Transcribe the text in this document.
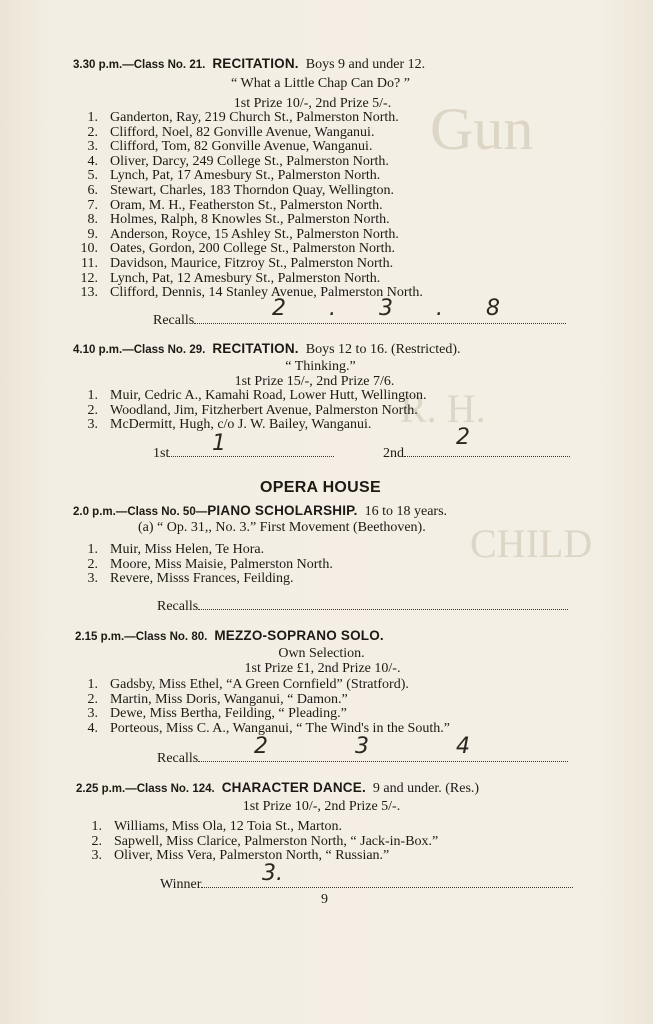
Gun
R. H.
CHILD
3.30 p.m.—Class No. 21. RECITATION. Boys 9 and under 12.
“ What a Little Chap Can Do? ”
1st Prize 10/-, 2nd Prize 5/-.
1. Ganderton, Ray, 219 Church St., Palmerston North.
2. Clifford, Noel, 82 Gonville Avenue, Wanganui.
3. Clifford, Tom, 82 Gonville Avenue, Wanganui.
4. Oliver, Darcy, 249 College St., Palmerston North.
5. Lynch, Pat, 17 Amesbury St., Palmerston North.
6. Stewart, Charles, 183 Thorndon Quay, Wellington.
7. Oram, M. H., Featherston St., Palmerston North.
8. Holmes, Ralph, 8 Knowles St., Palmerston North.
9. Anderson, Royce, 15 Ashley St., Palmerston North.
10. Oates, Gordon, 200 College St., Palmerston North.
11. Davidson, Maurice, Fitzroy St., Palmerston North.
12. Lynch, Pat, 12 Amesbury St., Palmerston North.
13. Clifford, Dennis, 14 Stanley Avenue, Palmerston North.
Recalls	2 . 3 . 8
4.10 p.m.—Class No. 29. RECITATION. Boys 12 to 16. (Restricted).
“ Thinking.”
1st Prize 15/-, 2nd Prize 7/6.
1. Muir, Cedric A., Kamahi Road, Lower Hutt, Wellington.
2. Woodland, Jim, Fitzherbert Avenue, Palmerston North.
3. McDermitt, Hugh, c/o J. W. Bailey, Wanganui.
1st	1	2nd
2
OPERA HOUSE
2.0 p.m.—Class No. 50—PIANO SCHOLARSHIP. 16 to 18 years.
(a) “ Op. 31,, No. 3.” First Movement (Beethoven).
1. Muir, Miss Helen, Te Hora.
2. Moore, Miss Maisie, Palmerston North.
3. Revere, Misss Frances, Feilding.
Recalls
2.15 p.m.—Class No. 80. MEZZO-SOPRANO SOLO.
Own Selection.
1st Prize £1, 2nd Prize 10/-.
1. Gadsby, Miss Ethel, “A Green Cornfield” (Stratford).
2. Martin, Miss Doris, Wanganui, “ Damon.”
3. Dewe, Miss Bertha, Feilding, “ Pleading.”
4. Porteous, Miss C. A., Wanganui, “ The Wind's in the South.”
Recalls	2 3 4
2.25 p.m.—Class No. 124. CHARACTER DANCE. 9 and under. (Res.)
1st Prize 10/-, 2nd Prize 5/-.
1. Williams, Miss Ola, 12 Toia St., Marton.
2. Sapwell, Miss Clarice, Palmerston North, “ Jack-in-Box.”
3. Oliver, Miss Vera, Palmerston North, “ Russian.”
Winner	3.
9
